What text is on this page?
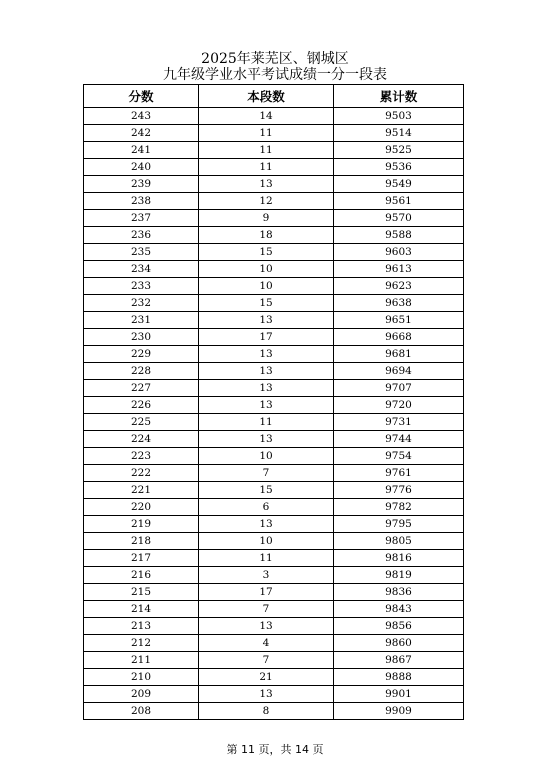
2025年莱芜区、钢城区
九年级学业水平考试成绩一分一段表
分数	本段数	累计数
243	14	9503
242	11	9514
241	11	9525
240	11	9536
239	13	9549
238	12	9561
237	9	9570
236	18	9588
235	15	9603
234	10	9613
233	10	9623
232	15	9638
231	13	9651
230	17	9668
229	13	9681
228	13	9694
227	13	9707
226	13	9720
225	11	9731
224	13	9744
223	10	9754
222	7	9761
221	15	9776
220	6	9782
219	13	9795
218	10	9805
217	11	9816
216	3	9819
215	17	9836
214	7	9843
213	13	9856
212	4	9860
211	7	9867
210	21	9888
209	13	9901
208	8	9909
第 11 页，共 14 页
